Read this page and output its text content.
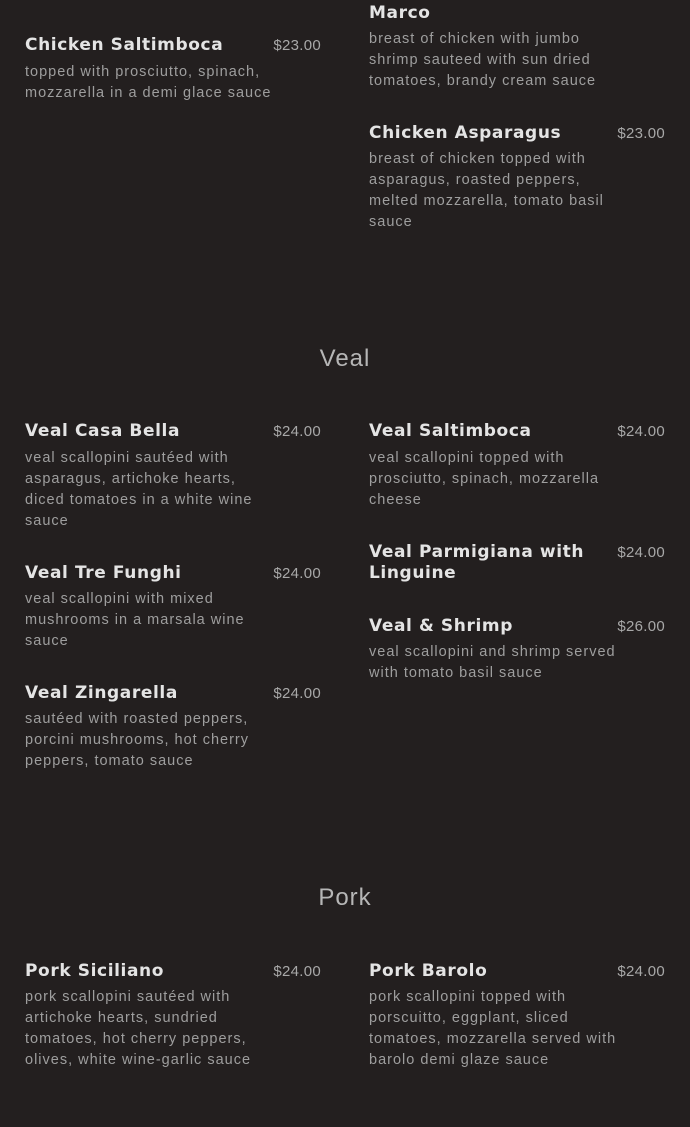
Chicken Saltimboca	$23.00

topped with prosciutto, spinach, mozzarella in a demi glace sauce

Marco

breast of chicken with jumbo shrimp sauteed with sun dried tomatoes, brandy cream sauce

Chicken Asparagus	$23.00

breast of chicken topped with asparagus, roasted peppers, melted mozzarella, tomato basil sauce

Veal
Veal Casa Bella	$24.00

veal scallopini sautéed with asparagus, artichoke hearts, diced tomatoes in a white wine sauce

Veal Saltimboca	$24.00

veal scallopini topped with prosciutto, spinach, mozzarella cheese

Veal Tre Funghi	$24.00

veal scallopini with mixed mushrooms in a marsala wine sauce

Veal Parmigiana with Linguine
$24.00
Veal Zingarella	$24.00

sautéed with roasted peppers, porcini mushrooms, hot cherry peppers, tomato sauce

Veal & Shrimp	$26.00

veal scallopini and shrimp served with tomato basil sauce

Pork
Pork Siciliano	$24.00

pork scallopini sautéed with artichoke hearts, sundried tomatoes, hot cherry peppers, olives, white wine-garlic sauce

Pork Barolo	$24.00

pork scallopini topped with porscuitto, eggplant, sliced tomatoes, mozzarella served with barolo demi glaze sauce
